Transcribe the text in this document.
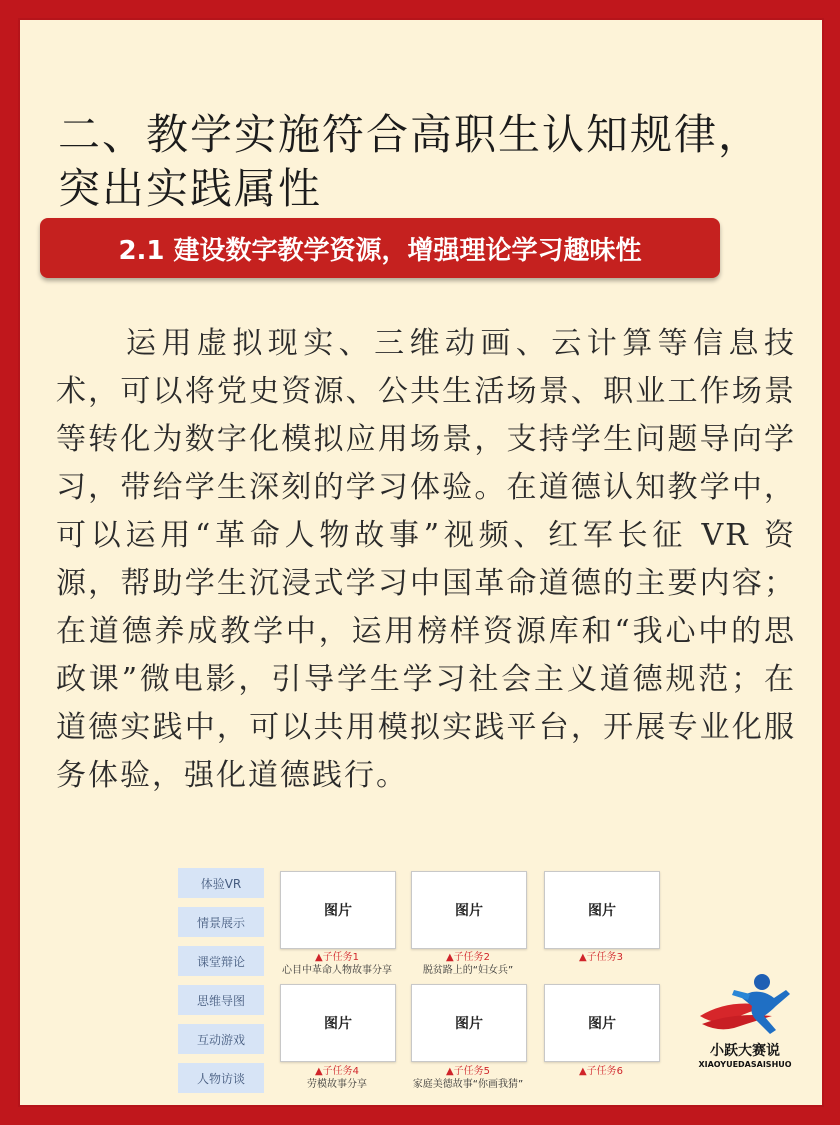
二、教学实施符合高职生认知规律，突出实践属性
2.1 建设数字教学资源，增强理论学习趣味性

运用虚拟现实、三维动画、云计算等信息技术，可以将党史资源、公共生活场景、职业工作场景等转化为数字化模拟应用场景，支持学生问题导向学习，带给学生深刻的学习体验。在道德认知教学中，可以运用“革命人物故事”视频、红军长征 VR 资源，帮助学生沉浸式学习中国革命道德的主要内容；在道德养成教学中，运用榜样资源库和“我心中的思政课”微电影，引导学生学习社会主义道德规范；在道德实践中，可以共用模拟实践平台，开展专业化服务体验，强化道德践行。

体验VR
情景展示
课堂辩论
思维导图
互动游戏
人物访谈
图片
▲子任务1
心目中革命人物故事分享
图片
▲子任务2
脱贫路上的“妇女兵”
图片
▲子任务3
图片
▲子任务4
劳模故事分享
图片
▲子任务5
家庭美德故事“你画我猜”
图片
▲子任务6
小跃大赛说
XIAOYUEDASAISHUO
